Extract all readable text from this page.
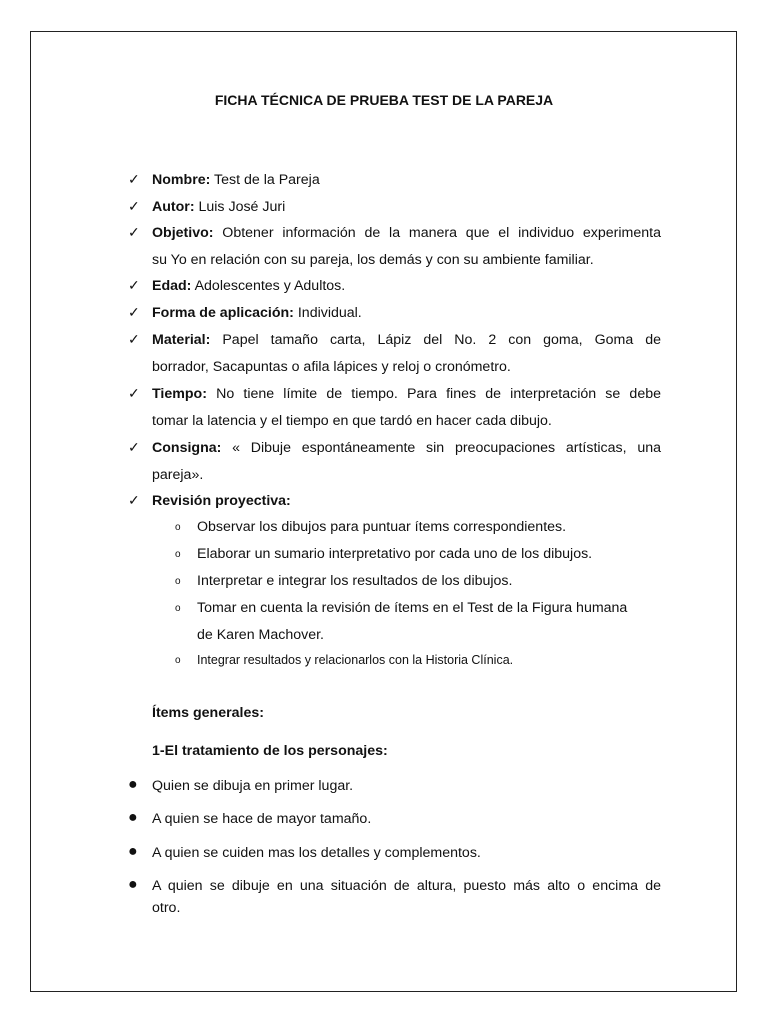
FICHA TÉCNICA DE PRUEBA TEST DE LA PAREJA
✓ Nombre: Test de la Pareja
✓ Autor: Luis José Juri
✓ Objetivo: Obtener información de la manera que el individuo experimenta
su Yo en relación con su pareja, los demás y con su ambiente familiar.
✓ Edad: Adolescentes y Adultos.
✓ Forma de aplicación: Individual.
✓ Material: Papel tamaño carta, Lápiz del No. 2 con goma, Goma de
borrador, Sacapuntas o afila lápices y reloj o cronómetro.
✓ Tiempo: No tiene límite de tiempo. Para fines de interpretación se debe
tomar la latencia y el tiempo en que tardó en hacer cada dibujo.
✓ Consigna: « Dibuje espontáneamente sin preocupaciones artísticas, una
pareja».
✓ Revisión proyectiva:
o Observar los dibujos para puntuar ítems correspondientes.
o Elaborar un sumario interpretativo por cada uno de los dibujos.
o Interpretar e integrar los resultados de los dibujos.
o Tomar en cuenta la revisión de ítems en el Test de la Figura humana
de Karen Machover.
o Integrar resultados y relacionarlos con la Historia Clínica.
Ítems generales:
1-El tratamiento de los personajes:
● Quien se dibuja en primer lugar.
● A quien se hace de mayor tamaño.
● A quien se cuiden mas los detalles y complementos.
● A quien se dibuje en una situación de altura, puesto más alto o encima de
otro.
